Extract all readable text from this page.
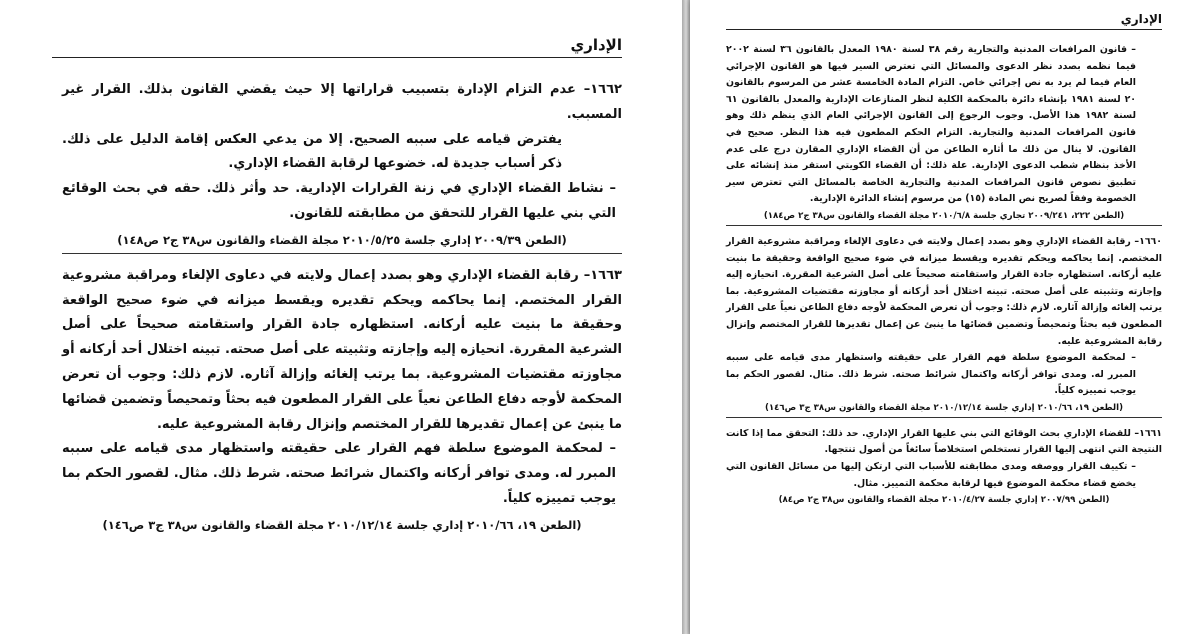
الإداري

١٦٦٢– عدم التزام الإدارة بتسبيب قراراتها إلا حيث يقضي القانون بذلك. القرار غير المسبب.

يفترض قيامه على سببه الصحيح. إلا من يدعي العكس إقامة الدليل على ذلك. ذكر أسباب جديدة له. خضوعها لرقابة القضاء الإداري.

– نشاط القضاء الإداري في زنة القرارات الإدارية. حد وأثر ذلك. حقه في بحث الوقائع التي بني عليها القرار للتحقق من مطابقته للقانون.

(الطعن ٢٠٠٩/٣٩ إداري جلسة ٢٠١٠/٥/٢٥ مجلة القضاء والقانون س٣٨ ج٢ ص١٤٨)

١٦٦٣– رقابة القضاء الإداري وهو بصدد إعمال ولايته في دعاوى الإلغاء ومراقبة مشروعية القرار المختصم. إنما يحاكمه ويحكم تقديره ويقسط ميزانه في ضوء صحيح الواقعة وحقيقة ما بنيت عليه أركانه. استظهاره جادة القرار واستقامته صحيحاً على أصل الشرعية المقررة. انحيازه إليه وإجازته وتثبيته على أصل صحته. تبينه اختلال أحد أركانه أو مجاوزته مقتضيات المشروعية. بما يرتب إلغائه وإزالة آثاره. لازم ذلك: وجوب أن تعرض المحكمة لأوجه دفاع الطاعن نعياً على القرار المطعون فيه بحثاً وتمحيصاً وتضمين قضائها ما ينبئ عن إعمال تقديرها للقرار المختصم وإنزال رقابة المشروعية عليه.

– لمحكمة الموضوع سلطة فهم القرار على حقيقته واستظهار مدى قيامه على سببه المبرر له. ومدى توافر أركانه واكتمال شرائط صحته. شرط ذلك. مثال. لقصور الحكم بما يوجب تمييزه كلياً.

(الطعن ١٩، ٢٠١٠/٦٦ إداري جلسة ٢٠١٠/١٢/١٤ مجلة القضاء والقانون س٣٨ ج٣ ص١٤٦)
الإداري

– قانون المرافعات المدنية والتجارية رقم ٣٨ لسنة ١٩٨٠ المعدل بالقانون ٣٦ لسنة ٢٠٠٢ فيما نظمه بصدد نظر الدعوى والمسائل التي تعترض السير فيها هو القانون الإجرائي العام فيما لم يرد به نص إجرائي خاص. التزام المادة الخامسة عشر من المرسوم بالقانون ٢٠ لسنة ١٩٨١ بإنشاء دائرة بالمحكمة الكلية لنظر المنازعات الإدارية والمعدل بالقانون ٦١ لسنة ١٩٨٢ هذا الأصل. وجوب الرجوع إلى القانون الإجرائي العام الذي ينظم ذلك وهو قانون المرافعات المدنية والتجارية. التزام الحكم المطعون فيه هذا النظر. صحيح في القانون. لا ينال من ذلك ما أثاره الطاعن من أن القضاء الإداري المقارن درج على عدم الأخذ بنظام شطب الدعوى الإدارية. علة ذلك: أن القضاء الكويتي استقر منذ إنشائه على تطبيق نصوص قانون المرافعات المدنية والتجارية الخاصة بالمسائل التي تعترض سير الخصومة وفقاً لصريح نص المادة (١٥) من مرسوم إنشاء الدائرة الإدارية.

(الطعن ٢٢٢، ٢٠٠٩/٢٤١ تجاري جلسة ٢٠١٠/٦/٨ مجلة القضاء والقانون س٣٨ ج٢ ص١٨٤)

١٦٦٠– رقابة القضاء الإداري وهو بصدد إعمال ولايته في دعاوى الإلغاء ومراقبة مشروعية القرار المختصم. إنما يحاكمه ويحكم تقديره ويقسط ميزانه في ضوء صحيح الواقعة وحقيقة ما بنيت عليه أركانه. استظهاره جادة القرار واستقامته صحيحاً على أصل الشرعية المقررة. انحيازه إليه وإجازته وتثبيته على أصل صحته. تبينه اختلال أحد أركانه أو مجاوزته مقتضيات المشروعية. بما يرتب إلغائه وإزالة آثاره. لازم ذلك: وجوب أن تعرض المحكمة لأوجه دفاع الطاعن نعياً على القرار المطعون فيه بحثاً وتمحيصاً وتضمين قضائها ما ينبئ عن إعمال تقديرها للقرار المختصم وإنزال رقابة المشروعية عليه.

– لمحكمة الموضوع سلطة فهم القرار على حقيقته واستظهار مدى قيامه على سببه المبرر له. ومدى توافر أركانه واكتمال شرائط صحته. شرط ذلك. مثال. لقصور الحكم بما يوجب تمييزه كلياً.

(الطعن ١٩، ٢٠١٠/٦٦ إداري جلسة ٢٠١٠/١٢/١٤ مجلة القضاء والقانون س٣٨ ج٣ ص١٤٦)

١٦٦١– للقضاء الإداري بحث الوقائع التي بني عليها القرار الإداري. حد ذلك: التحقق مما إذا كانت النتيجة التي انتهى إليها القرار تستخلص استخلاصاً سائغاً من أصول تنتجها.

– تكييف القرار ووصفه ومدى مطابقته للأسباب التي ارتكن إليها من مسائل القانون التي يخضع قضاء محكمة الموضوع فيها لرقابة محكمة التمييز. مثال.

(الطعن ٢٠٠٧/٩٩ إداري جلسة ٢٠١٠/٤/٢٧ مجلة القضاء والقانون س٣٨ ج٢ ص٨٤)
